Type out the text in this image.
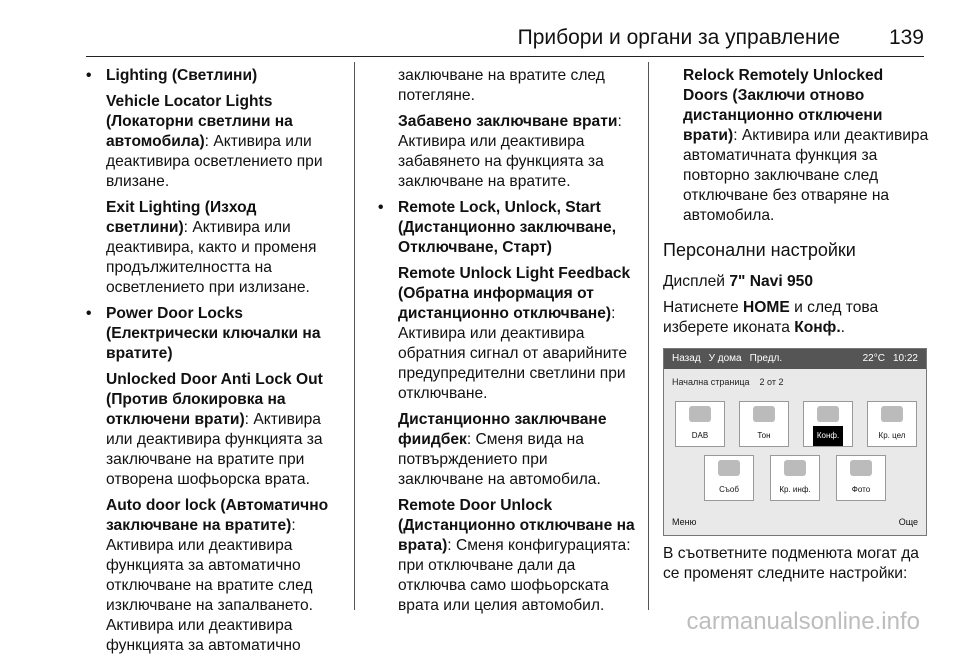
Прибори и органи за управление 139
• Lighting (Светлини)
Vehicle Locator Lights (Локаторни светлини на автомобила): Активира или деактивира осветлението при влизане.
Exit Lighting (Изход светлини): Активира или деактивира, както и променя продължителността на осветлението при излизане.
• Power Door Locks (Електрически ключалки на вратите)
Unlocked Door Anti Lock Out (Против блокировка на отключени врати): Активира или деактивира функцията за заключване на вратите при отворена шофьорска врата.
Auto door lock (Автоматично заключване на вратите): Активира или деактивира функцията за автоматично отключване на вратите след изключване на запалването. Активира или деактивира функцията за автоматично
заключване на вратите след потегляне.
Забавено заключване врати: Активира или деактивира забавянето на функцията за заключване на вратите.
• Remote Lock, Unlock, Start (Дистанционно заключване, Отключване, Старт)
Remote Unlock Light Feedback (Обратна информация от дистанционно отключване): Активира или деактивира обратния сигнал от аварийните предупредителни светлини при отключване.
Дистанционно заключване фиидбек: Сменя вида на потвърждението при заключване на автомобила.
Remote Door Unlock (Дистанционно отключване на врата): Сменя конфигурацията: при отключване дали да отключва само шофьорската врата или целия автомобил.
Relock Remotely Unlocked Doors (Заключи отново дистанционно отключени врати): Активира или деактивира автоматичната функция за повторно заключване след отключване без отваряне на автомобила.
Персонални настройки
Дисплей 7" Navi 950
Натиснете HOME и след това изберете иконата Конф..
Назад У дома Предл.	22°C 10:22
Начална страница 2 от 2
DAB	Тон	Конф.	Кр. цел
Съоб	Кр. инф.	Фото
Меню	Още
В съответните подменюта могат да се променят следните настройки:
carmanualsonline.info
